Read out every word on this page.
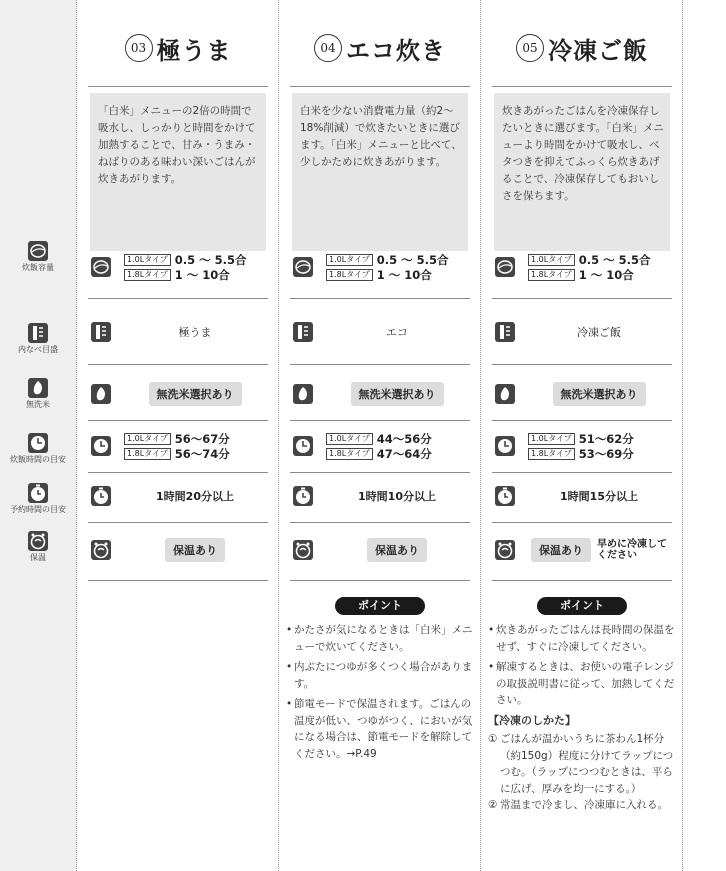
炊飯容量
内なべ目盛
無洗米
炊飯時間の目安
予約時間の目安
保温
03 極うま
「白米」メニューの2倍の時間で吸水し、しっかりと時間をかけて加熱することで、甘み・うまみ・ねばりのある味わい深いごはんが炊きあがります。
1.0Lタイプ 0.5 ～ 5.5合
1.8Lタイプ 1 ～ 10合
極うま
無洗米選択あり
1.0Lタイプ 56～67分
1.8Lタイプ 56～74分
1時間20分以上
保温あり
04 エコ炊き
白米を少ない消費電力量（約2～18%削減）で炊きたいときに選びます。「白米」メニューと比べて、少しかために炊きあがります。
1.0Lタイプ 0.5 ～ 5.5合
1.8Lタイプ 1 ～ 10合
エコ
無洗米選択あり
1.0Lタイプ 44～56分
1.8Lタイプ 47～64分
1時間10分以上
保温あり
ポイント
• かたさが気になるときは「白米」メニューで炊いてください。
• 内ぶたにつゆが多くつく場合があります。
• 節電モードで保温されます。ごはんの温度が低い、つゆがつく、においが気になる場合は、節電モードを解除してください。→P.49
05 冷凍ご飯
炊きあがったごはんを冷凍保存したいときに選びます。「白米」メニューより時間をかけて吸水し、ベタつきを抑えてふっくら炊きあげることで、冷凍保存してもおいしさを保ちます。
1.0Lタイプ 0.5 ～ 5.5合
1.8Lタイプ 1 ～ 10合
冷凍ご飯
無洗米選択あり
1.0Lタイプ 51～62分
1.8Lタイプ 53～69分
1時間15分以上
保温あり	早めに冷凍してください
ポイント
• 炊きあがったごはんは長時間の保温をせず、すぐに冷凍してください。
• 解凍するときは、お使いの電子レンジの取扱説明書に従って、加熱してください。
【冷凍のしかた】
① ごはんが温かいうちに茶わん1杯分（約150g）程度に分けてラップにつつむ。（ラップにつつむときは、平らに広げ、厚みを均一にする。）
② 常温まで冷まし、冷凍庫に入れる。
